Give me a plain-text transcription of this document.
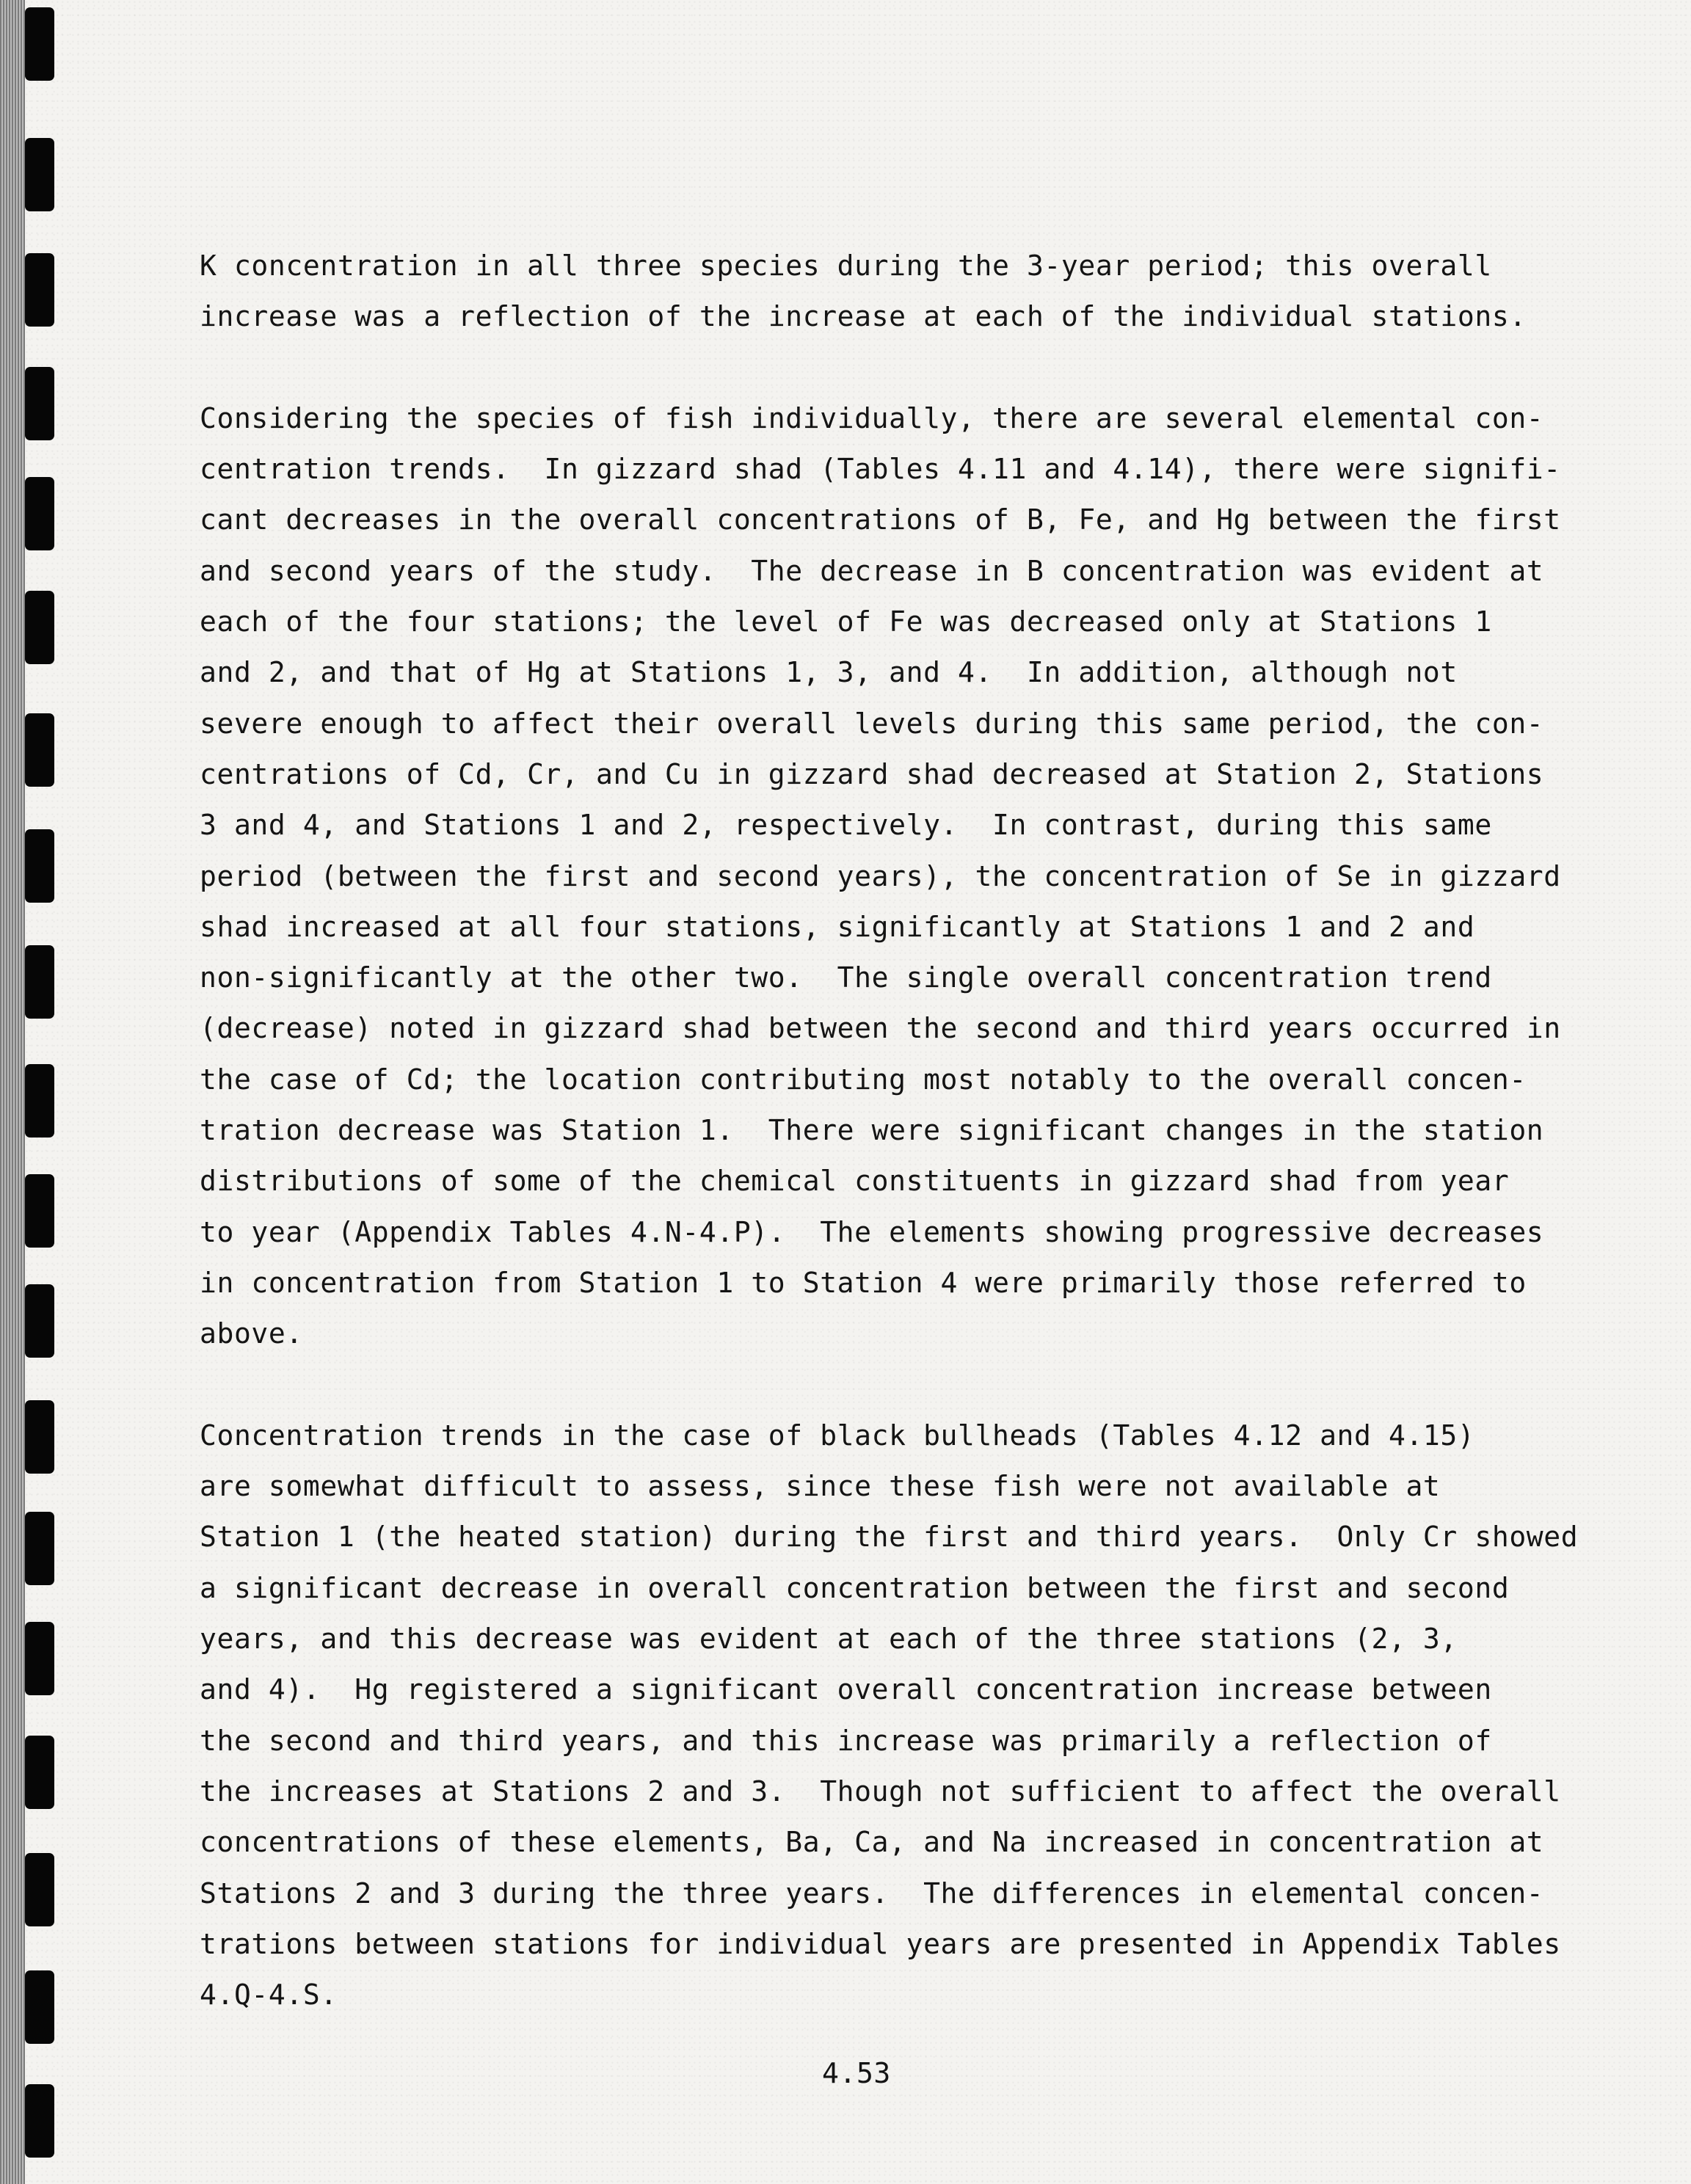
K concentration in all three species during the 3-year period; this overall
increase was a reflection of the increase at each of the individual stations.

Considering the species of fish individually, there are several elemental con-
centration trends.  In gizzard shad (Tables 4.11 and 4.14), there were signifi-
cant decreases in the overall concentrations of B, Fe, and Hg between the first
and second years of the study.  The decrease in B concentration was evident at
each of the four stations; the level of Fe was decreased only at Stations 1
and 2, and that of Hg at Stations 1, 3, and 4.  In addition, although not
severe enough to affect their overall levels during this same period, the con-
centrations of Cd, Cr, and Cu in gizzard shad decreased at Station 2, Stations
3 and 4, and Stations 1 and 2, respectively.  In contrast, during this same
period (between the first and second years), the concentration of Se in gizzard
shad increased at all four stations, significantly at Stations 1 and 2 and
non-significantly at the other two.  The single overall concentration trend
(decrease) noted in gizzard shad between the second and third years occurred in
the case of Cd; the location contributing most notably to the overall concen-
tration decrease was Station 1.  There were significant changes in the station
distributions of some of the chemical constituents in gizzard shad from year
to year (Appendix Tables 4.N-4.P).  The elements showing progressive decreases
in concentration from Station 1 to Station 4 were primarily those referred to
above.

Concentration trends in the case of black bullheads (Tables 4.12 and 4.15)
are somewhat difficult to assess, since these fish were not available at
Station 1 (the heated station) during the first and third years.  Only Cr showed
a significant decrease in overall concentration between the first and second
years, and this decrease was evident at each of the three stations (2, 3,
and 4).  Hg registered a significant overall concentration increase between
the second and third years, and this increase was primarily a reflection of
the increases at Stations 2 and 3.  Though not sufficient to affect the overall
concentrations of these elements, Ba, Ca, and Na increased in concentration at
Stations 2 and 3 during the three years.  The differences in elemental concen-
trations between stations for individual years are presented in Appendix Tables
4.Q-4.S.

4.53
